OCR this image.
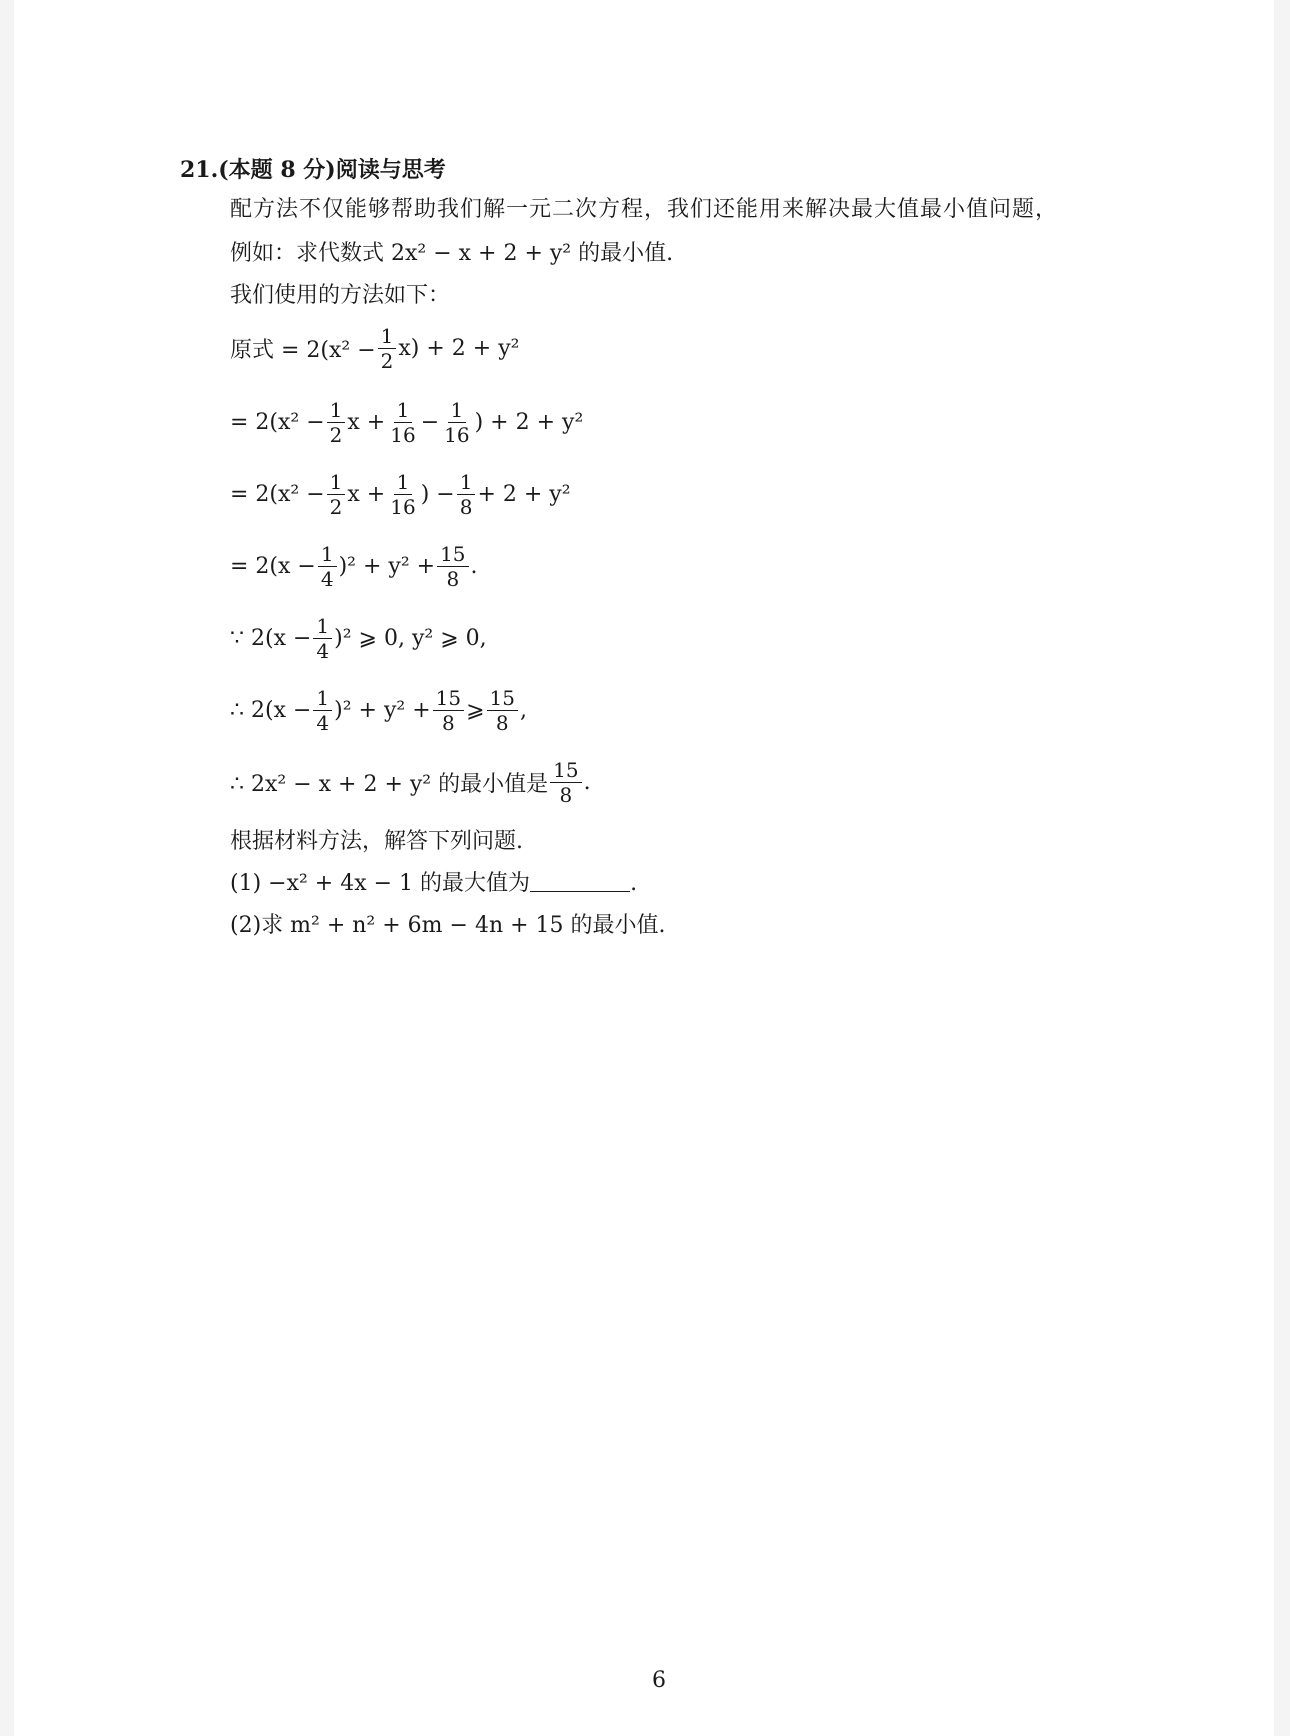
21.(本题 8 分)阅读与思考
配方法不仅能够帮助我们解一元二次方程，我们还能用来解决最大值最小值问题，
例如：求代数式 2x² − x + 2 + y² 的最小值.
我们使用的方法如下：
原式 = $2(x^2 - \frac{1}{2} x) + 2 + y^2$
= $2(x^2 - \frac{1}{2}$ $x + \frac{1}{16} - \frac{1}{16}$ ) + 2 + y²
= $2(x^2 - \frac{1}{2}$ $x + \frac{1}{16}$ ) − $\frac{1}{8} + 2 + y^2$
= $2(x - \frac{1}{4} )^2 + y^2 + \frac{15}{8}$ .
∵ $2(x - \frac{1}{4} )^2$ ⩾ 0, y² ⩾ 0,
∴ $2(x - \frac{1}{4} )^2 + y^2 + \frac{15}{8}$ ⩾ $\frac{15}{8}$ ,
∴ 2x² − x + 2 + y² 的最小值是 $\frac{15}{8}$ .
根据材料方法，解答下列问题.
(1) −x² + 4x − 1 的最大值为	.
(2)求 m² + n² + 6m − 4n + 15 的最小值.
6
